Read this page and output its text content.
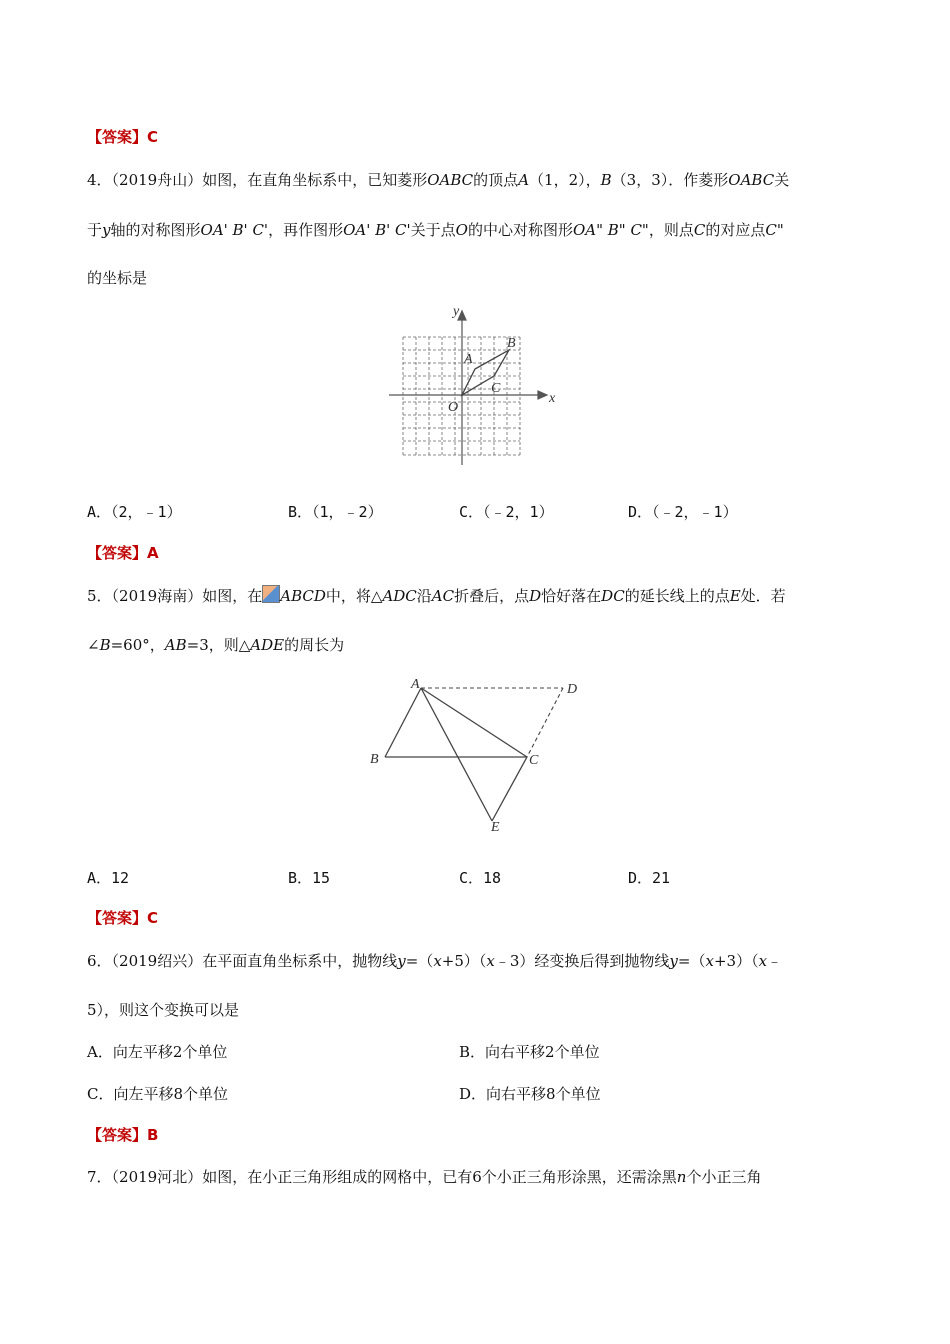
【答案】C
4．（2019舟山）如图，在直角坐标系中，已知菱形OABC的顶点A（1，2），B（3，3）．作菱形OABC关
于y轴的对称图形OA' B' C'，再作图形OA' B' C'关于点O的中心对称图形OA" B" C"，则点C的对应点C"
的坐标是
x
y
O
A
B
C
A．（2，﹣1）	B．（1，﹣2）	C．（﹣2，1）	D．（﹣2，﹣1）
【答案】A
5．（2019海南）如图，在 ABCD中，将△ADC沿AC折叠后，点D恰好落在DC的延长线上的点E处．若
∠B=60°，AB=3，则△ADE的周长为
A
B	C
D
E
A．12	B．15	C．18	D．21
【答案】C
6．（2019绍兴）在平面直角坐标系中，抛物线y=（x+5）（x﹣3）经变换后得到抛物线y=（x+3）（x﹣
5），则这个变换可以是
A．向左平移2个单位	B．向右平移2个单位
C．向左平移8个单位	D．向右平移8个单位
【答案】B
7．（2019河北）如图，在小正三角形组成的网格中，已有6个小正三角形涂黑，还需涂黑n个小正三角
